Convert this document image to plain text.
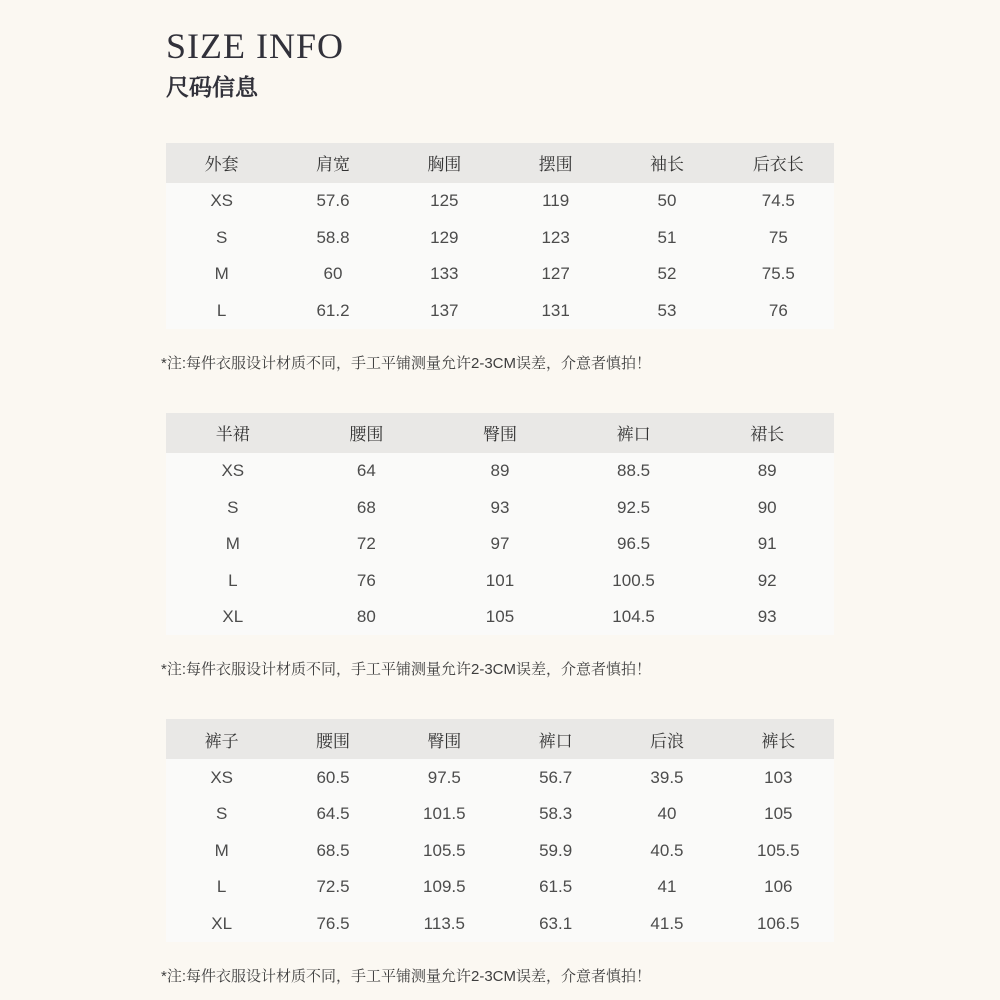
SIZE INFO
尺码信息
外套	肩宽	胸围	摆围	袖长	后衣长
XS	57.6	125	119	50	74.5
S	58.8	129	123	51	75
M	60	133	127	52	75.5
L	61.2	137	131	53	76

*注:每件衣服设计材质不同，手工平铺测量允许2-3CM误差，介意者慎拍！

半裙	腰围	臀围	裤口	裙长
XS	64	89	88.5	89
S	68	93	92.5	90
M	72	97	96.5	91
L	76	101	100.5	92
XL	80	105	104.5	93

*注:每件衣服设计材质不同，手工平铺测量允许2-3CM误差，介意者慎拍！

裤子	腰围	臀围	裤口	后浪	裤长
XS	60.5	97.5	56.7	39.5	103
S	64.5	101.5	58.3	40	105
M	68.5	105.5	59.9	40.5	105.5
L	72.5	109.5	61.5	41	106
XL	76.5	113.5	63.1	41.5	106.5

*注:每件衣服设计材质不同，手工平铺测量允许2-3CM误差，介意者慎拍！
